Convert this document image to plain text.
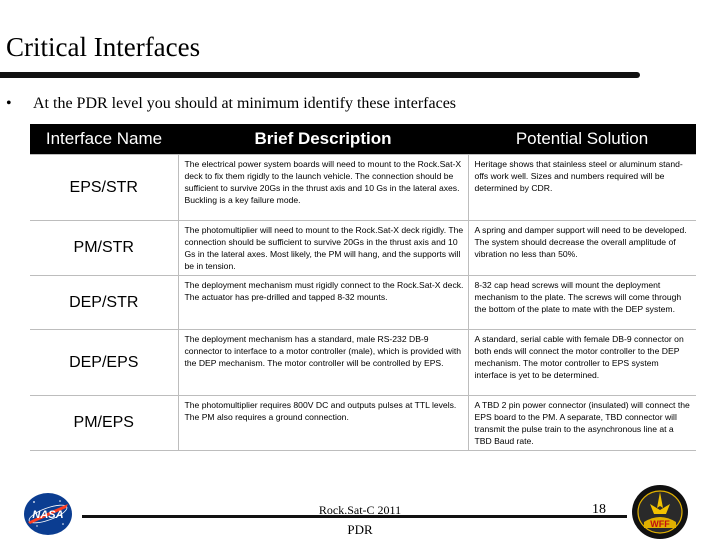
Critical Interfaces
• At the PDR level you should at minimum identify these interfaces
Interface Name	Brief Description	Potential Solution
EPS/STR	The electrical power system boards will need to mount to the Rock.Sat-X deck to fix them rigidly to the launch vehicle. The connection should be sufficient to survive 20Gs in the thrust axis and 10 Gs in the lateral axes. Buckling is a key failure mode.	Heritage shows that stainless steel or aluminum stand-offs work well. Sizes and numbers required will be determined by CDR.
PM/STR	The photomultiplier will need to mount to the Rock.Sat-X deck rigidly. The connection should be sufficient to survive 20Gs in the thrust axis and 10 Gs in the lateral axes. Most likely, the PM will hang, and the supports will be in tension.	A spring and damper support will need to be developed. The system should decrease the overall amplitude of vibration no less than 50%.
DEP/STR	The deployment mechanism must rigidly connect to the Rock.Sat-X deck. The actuator has pre-drilled and tapped 8-32 mounts.	8-32 cap head screws will mount the deployment mechanism to the plate. The screws will come through the bottom of the plate to mate with the DEP system.
DEP/EPS	The deployment mechanism has a standard, male RS-232 DB-9 connector to interface to a motor controller (male), which is provided with the DEP mechanism. The motor controller will be controlled by EPS.	A standard, serial cable with female DB-9 connector on both ends will connect the motor controller to the DEP mechanism. The motor controller to EPS system interface is yet to be determined.
PM/EPS	The photomultiplier requires 800V DC and outputs pulses at TTL levels. The PM also requires a ground connection.	A TBD 2 pin power connector (insulated) will connect the EPS board to the PM. A separate, TBD connector will transmit the pulse train to the asynchronous line at a TBD Baud rate.
NASA	Rock.Sat-C 2011
PDR
18
WFF
